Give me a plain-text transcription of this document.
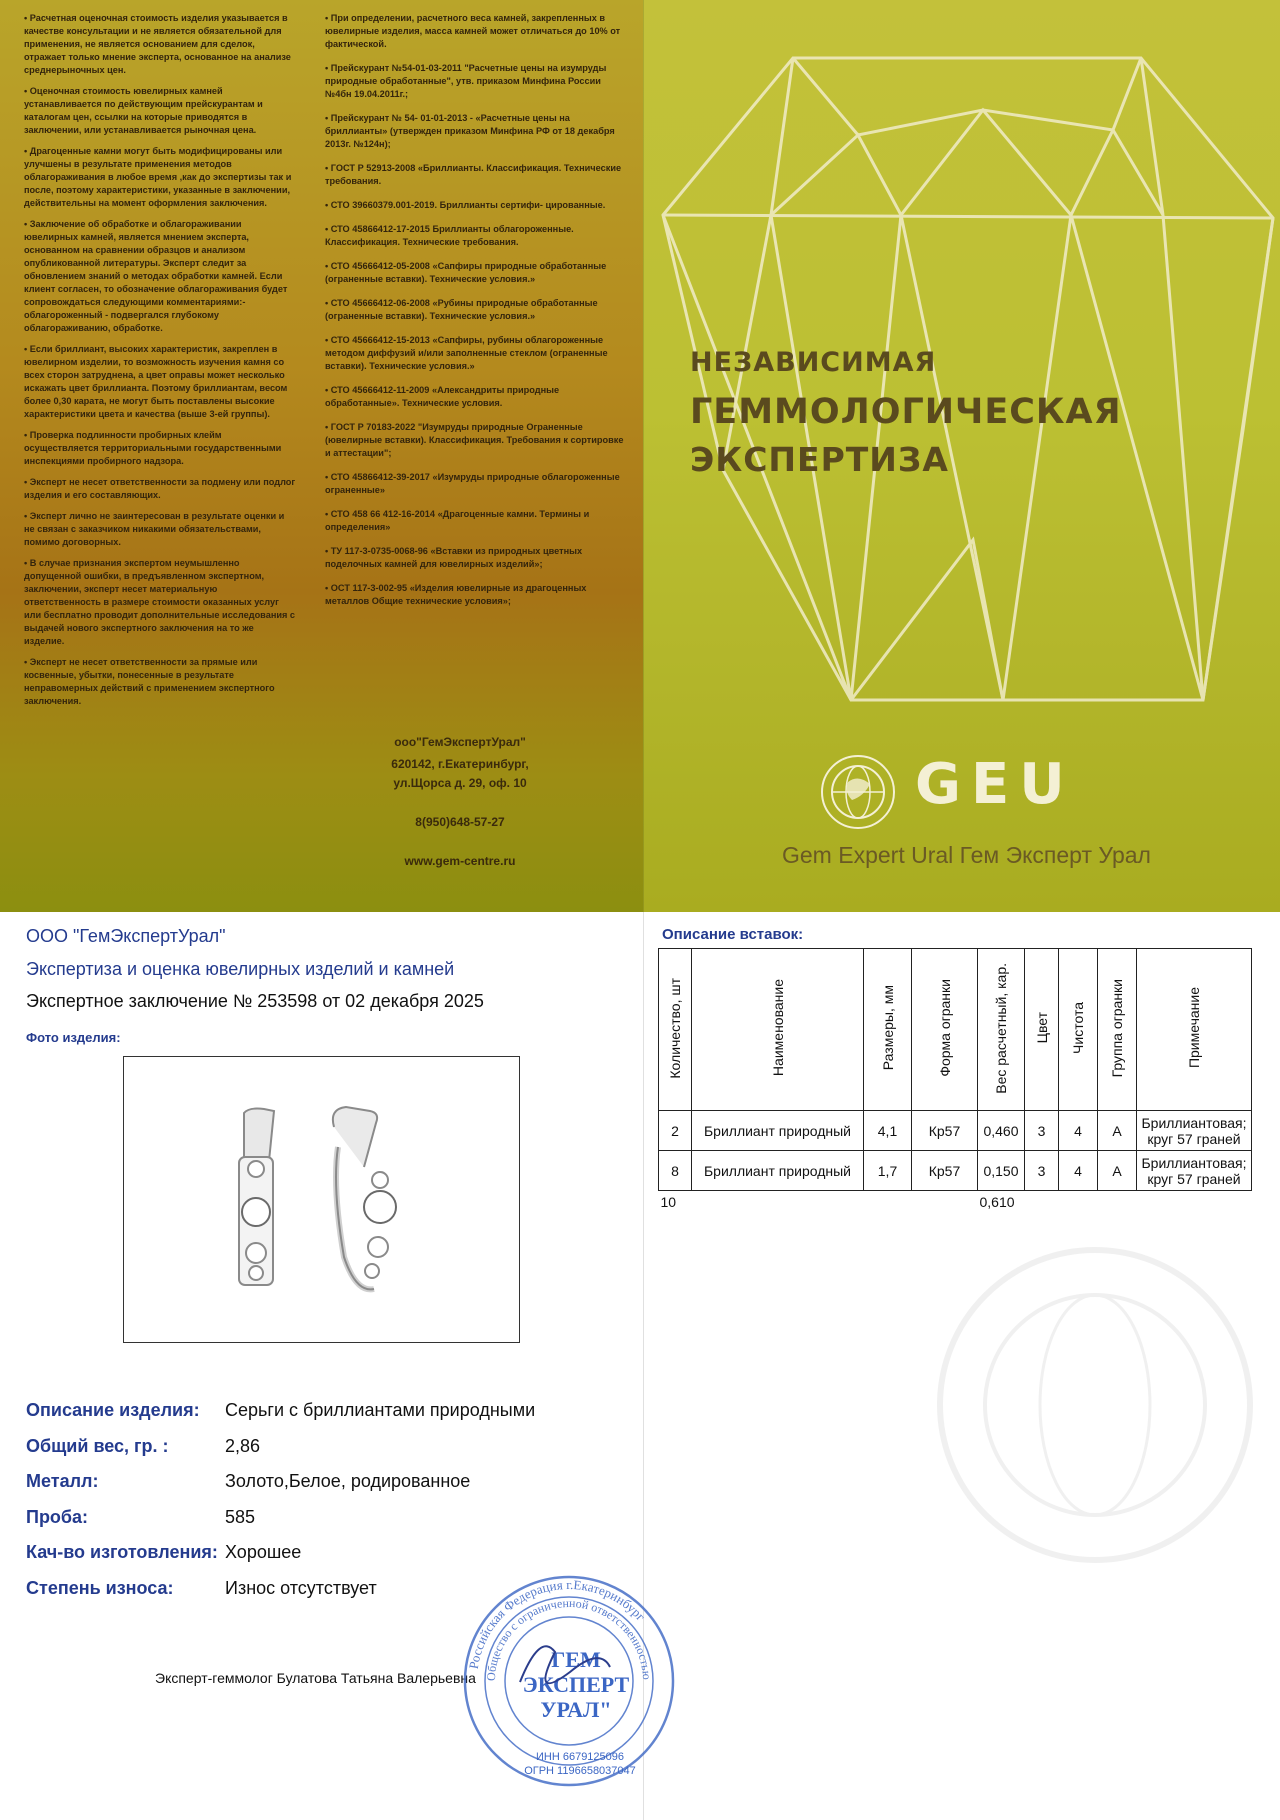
• Расчетная оценочная стоимость изделия указывается в качестве консультации и не является обязательной для применения, не является основанием для сделок, отражает только мнение эксперта, основанное на анализе среднерыночных цен.

• Оценочная стоимость ювелирных камней устанавливается по действующим прейскурантам и каталогам цен, ссылки на которые приводятся в заключении, или устанавливается рыночная цена.

• Драгоценные камни могут быть модифицированы или улучшены в результате применения методов облагораживания в любое время ,как до экспертизы так и после, поэтому характеристики, указанные в заключении, действительны на момент оформления заключения.

• Заключение об обработке и облагораживании ювелирных камней, является мнением эксперта, основанном на сравнении образцов и анализом опубликованной литературы. Эксперт следит за обновлением знаний о методах обработки камней. Если клиент согласен, то обозначение облагораживания будет сопровождаться следующими комментариями:- облагороженный - подвергался глубокому облагораживанию, обработке.

• Если бриллиант, высоких характеристик, закреплен в ювелирном изделии, то возможность изучения камня со всех сторон затруднена, а цвет оправы может несколько искажать цвет бриллианта. Поэтому бриллиантам, весом более 0,30 карата, не могут быть поставлены высокие характеристики цвета и качества (выше 3-ей группы).

• Проверка подлинности пробирных клейм осуществляется территориальными государственными инспекциями пробирного надзора.

• Эксперт не несет ответственности за подмену или подлог изделия и его составляющих.

• Эксперт лично не заинтересован в результате оценки и не связан с заказчиком никакими обязательствами, помимо договорных.

• В случае признания экспертом неумышленно допущенной ошибки, в предъявленном экспертном, заключении, эксперт несет материальную ответственность в размере стоимости оказанных услуг или бесплатно проводит дополнительные исследования с выдачей нового экспертного заключения на то же изделие.

• Эксперт не несет ответственности за прямые или косвенные, убытки, понесенные в результате неправомерных действий с применением экспертного заключения.

• При определении, расчетного веса камней, закрепленных в ювелирные изделия, масса камней может отличаться до 10% от фактической.

• Прейскурант №54-01-03-2011 "Расчетные цены на изумруды природные обработанные", утв. приказом Минфина России №4бн 19.04.2011г.;

• Прейскурант № 54- 01-01-2013 - «Расчетные цены на бриллианты» (утвержден приказом Минфина РФ от 18 декабря 2013г. №124н);

• ГОСТ Р 52913-2008 «Бриллианты. Классификация. Технические требования.

• СТО 39660379.001-2019. Бриллианты сертифи- цированные.

• СТО 45866412-17-2015 Бриллианты облагороженные. Классификация. Технические требования.

• СТО 45666412-05-2008 «Сапфиры природные обработанные (ограненные вставки). Технические условия.»

• СТО 45666412-06-2008 «Рубины природные обработанные (ограненные вставки). Технические условия.»

• СТО 45666412-15-2013 «Сапфиры, рубины облагороженные методом диффузий и/или заполненные стеклом (ограненные вставки). Технические условия.»

• СТО 45666412-11-2009 «Александриты природные обработанные». Технические условия.

• ГОСТ Р 70183-2022 "Изумруды природные Ограненные (ювелирные вставки). Классификация. Требования к сортировке и аттестации";

• СТО 45866412-39-2017 «Изумруды природные облагороженные ограненные»

• СТО 458 66 412-16-2014 «Драгоценные камни. Термины и определения»

• ТУ 117-3-0735-0068-96 «Вставки из природных цветных поделочных камней для ювелирных изделий»;

• ОСТ 117-3-002-95 «Изделия ювелирные из драгоценных металлов Общие технические условия»;

ооо"ГемЭкспертУрал"
620142, г.Екатеринбург,
ул.Щорса д. 29, оф. 10
8(950)648-57-27
www.gem-centre.ru
НЕЗАВИСИМАЯ
ГЕММОЛОГИЧЕСКАЯ
ЭКСПЕРТИЗА
GEU
Gem Expert Ural Гем Эксперт Урал
ООО "ГемЭкспертУрал"
Экспертиза и оценка ювелирных изделий и камней
Экспертное заключение № 253598 от 02 декабря 2025
Фото изделия:
Описание изделия: Серьги с бриллиантами природными
Общий вес, гр. :	2,86
Металл:	Золото,Белое, родированное
Проба:	585
Кач-во изготовления: Хорошее
Степень износа:	Износ отсутствует
Эксперт-геммолог Булатова Татьяна Валерьевна
Российская Федерация г.Екатеринбург
Общество с ограниченной ответственностью
ГЕМ
ЭКСПЕРТ
УРАЛ"
ИНН 6679125096
ОГРН 1196658037047
Описание вставок:
Количество, шт	Наименование	Размеры, мм	Форма огранки	Вес расчетный, кар.	Цвет	Чистота	Группа огранки	Примечание
2	Бриллиант природный	4,1	Кр57	0,460	3	4	А	Бриллиантовая; круг 57 граней
8	Бриллиант природный	1,7	Кр57	0,150	3	4	А	Бриллиантовая; круг 57 граней
10				0,610				
